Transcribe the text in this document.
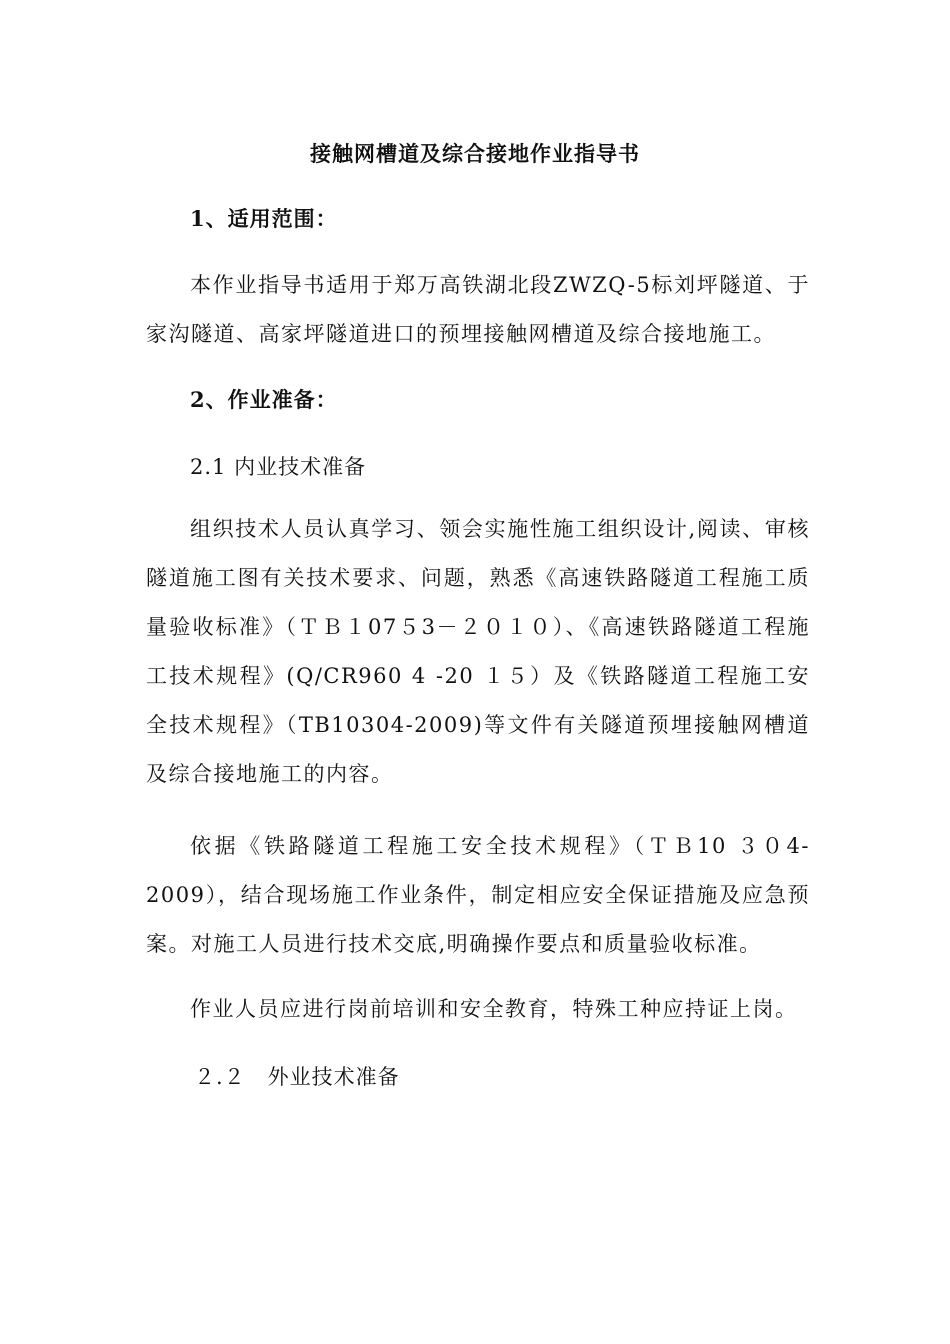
接触网槽道及综合接地作业指导书
1、适用范围：

本作业指导书适用于郑万高铁湖北段ZWZQ-5标刘坪隧道、于家沟隧道、高家坪隧道进口的预埋接触网槽道及综合接地施工。

2、作业准备：
2.1 内业技术准备

组织技术人员认真学习、领会实施性施工组织设计,阅读、审核隧道施工图有关技术要求、问题，熟悉《高速铁路隧道工程施工质量验收标准》（ＴＢ１07５3－２０１０）、《高速铁路隧道工程施工技术规程》(Q/CR960 4 -20 １５）及《铁路隧道工程施工安全技术规程》（TB10304-2009)等文件有关隧道预埋接触网槽道及综合接地施工的内容。

依据《铁路隧道工程施工安全技术规程》（ＴＢ10 ３０4-2009），结合现场施工作业条件，制定相应安全保证措施及应急预案。对施工人员进行技术交底,明确操作要点和质量验收标准。

作业人员应进行岗前培训和安全教育，特殊工种应持证上岗。

２.２　外业技术准备
